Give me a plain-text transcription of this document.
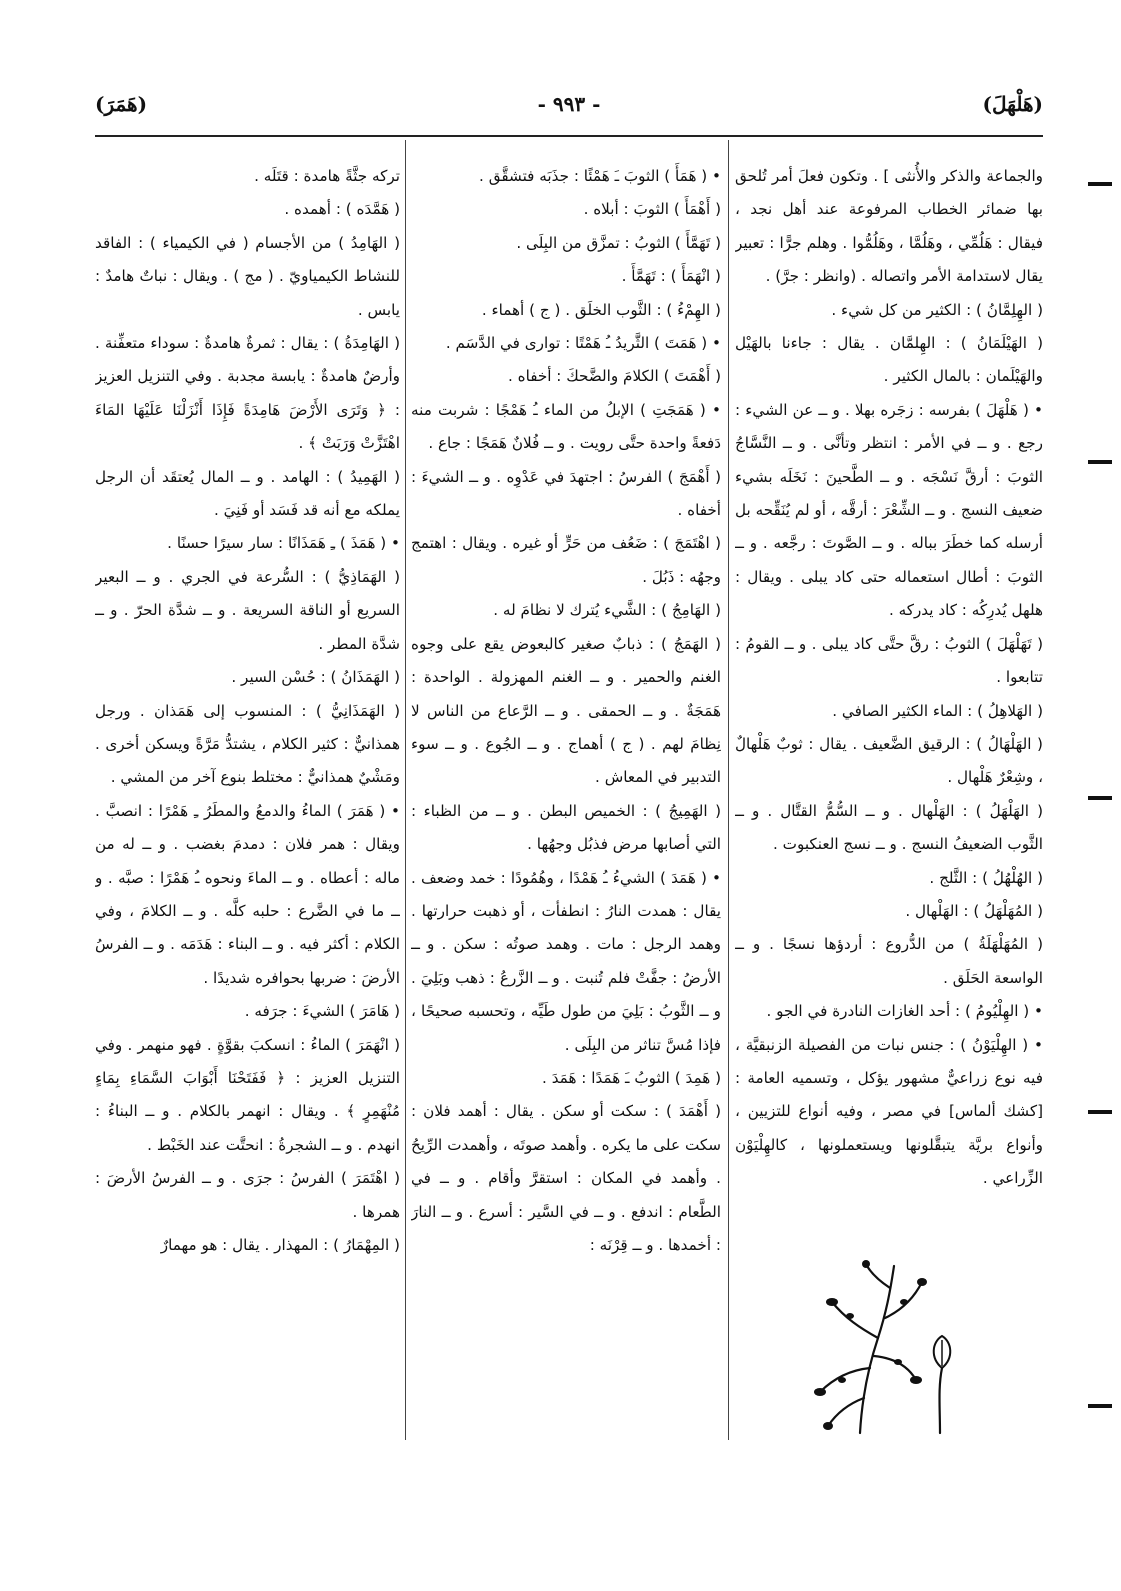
(هَلْهَلَ)
- ٩٩٣ -
(هَمَرَ)

والجماعة والذكر والأُنثى ] . وتكون فعلَ أمر تُلحق بها ضمائر الخطاب المرفوعة عند أهل نجد ، فيقال : هَلُمِّي ، وهَلُمَّا ، وهَلُمُّوا . وهلم جرًّا : تعبير يقال لاستدامة الأمر واتصاله . (وانظر : جرَّ) .

( الهِلِمَّانُ ) : الكثير من كل شيء .

( الهَيْلَمَانُ ) : الهِلمَّان . يقال : جاءنا بالهَيْل والهَيْلَمان : بالمال الكثير .

• ( هَلْهَلَ ) بفرسه : زجَره بهلا . و ــ عن الشيء : رجع . و ــ في الأمر : انتظر وتأنَّى . و ــ النَّسَّاجُ الثوبَ : أرقَّ نَسْجَه . و ــ الطَّحينَ : نَخَلَه بشيء ضعيف النسج . و ــ الشِّعْرَ : أرقَّه ، أو لم يُنَقِّحه بل أرسله كما خطَرَ بباله . و ــ الصَّوتَ : رجَّعه . و ــ الثوبَ : أطال استعماله حتى كاد يبلى . ويقال : هلهل يُدرِكُه : كاد يدركه .

( تَهَلْهَلَ ) الثوبُ : رقَّ حتَّى كاد يبلى . و ــ القومُ : تتابعوا .

( الهَلاهِلُ ) : الماء الكثير الصافي .

( الهَلْهَالُ ) : الرقيق الضَّعيف . يقال : ثوبٌ هَلْهالٌ ، وشِعْرٌ هَلْهال .

( الهَلْهَلُ ) : الهَلْهال . و ــ السُّمُّ القتَّال . و ــ الثَّوب الضعيفُ النسج . و ــ نسج العنكبوت .

( الهُلْهُلُ ) : الثَّلج .

( المُهَلْهَلُ ) : الهَلْهال .

( المُهَلْهَلَةُ ) من الدُّروع : أردؤها نسجًا . و ــ الواسعة الحَلَق .

• ( الهِلْيُومُ ) : أحد الغازات النادرة في الجو .

• ( الهِلْيَوْنُ ) : جنس نبات من الفصيلة الزنبقيَّة ، فيه نوع زراعيٌّ مشهور يؤكل ، وتسميه العامة : [كشك ألماس] في مصر ، وفيه أنواع للتزيين ، وأنواع بريَّة يتبقَّلونها ويستعملونها ، كالهِلْيَوْن الزِّراعي .

• ( هَمَأَ ) الثوبَ ـَ هَمْئًا : جذَبَه فتشقَّق .

( أَهْمَأَ ) الثوبَ : أبلاه .

( تَهَمَّأَ ) الثوبُ : تمزَّق من البِلَى .

( انْهَمَأَ ) : تَهَمَّأَ .

( الهِمْءُ ) : الثَّوب الخلَق . ( ج ) أهماء .

• ( هَمَتَ ) الثَّريدُ ـُ هَمْتًا : توارى في الدَّسَم .

( أَهْمَتَ ) الكلامَ والضَّحكَ : أخفاه .

• ( هَمَجَتِ ) الإبلُ من الماء ـُ هَمْجًا : شربت منه دَفعةً واحدة حتَّى رويت . و ــ فُلانٌ هَمَجًا : جاع .

( أَهْمَجَ ) الفرسُ : اجتهدَ في عَدْوِه . و ــ الشيءَ : أخفاه .

( اهْتَمَجَ ) : ضَعُف من حَرٍّ أو غيره . ويقال : اهتمج وجهُه : ذَبُلَ .

( الهَامِجُ ) : الشَّيء يُترك لا نظامَ له .

( الهَمَجُ ) : ذبابٌ صغير كالبعوض يقع على وجوه الغنم والحمير . و ــ الغنم المهزولة . الواحدة : هَمَجَةٌ . و ــ الحمقى . و ــ الرَّعاع من الناس لا نِظامَ لهم . ( ج ) أهماج . و ــ الجُوع . و ــ سوء التدبير في المعاش .

( الهَمِيجُ ) : الخميص البطن . و ــ من الظباء : التي أصابها مرض فذبُل وجهُها .

• ( هَمَدَ ) الشيءُ ـُ هَمْدًا ، وهُمُودًا : خمد وضعف . يقال : همدت النارُ : انطفأت ، أو ذهبت حرارتها . وهمد الرجل : مات . وهمد صوتُه : سكن . و ــ الأرضُ : جفَّتْ فلم تُنبت . و ــ الزَّرعُ : ذهب وبَلِيَ . و ــ الثَّوبُ : بَلِيَ من طول طَيِّه ، وتحسبه صحيحًا ، فإذا مُسَّ تناثر من البِلَى .

( هَمِدَ ) الثوبُ ـَ هَمَدًا : هَمَدَ .

( أَهْمَدَ ) : سكت أو سكن . يقال : أهمد فلان : سكت على ما يكره . وأهمد صوتَه ، وأهمدت الرِّيحُ . وأهمد في المكان : استقرَّ وأقام . و ــ في الطَّعام : اندفع . و ــ في السَّير : أسرع . و ــ النارَ : أخمدها . و ــ قِرْنَه :

تركه جثَّةً هامدة : قتَلَه .

( هَمَّدَه ) : أهمده .

( الهَامِدُ ) من الأجسام ( في الكيمياء ) : الفاقد للنشاط الكيمياويّ . ( مج ) . ويقال : نباتٌ هامدٌ : يابس .

( الهَامِدَةُ ) : يقال : ثمرةٌ هامدةٌ : سوداء متعفِّنة . وأرضٌ هامدةٌ : يابسة مجدبة . وفي التنزيل العزيز : ﴿ وَتَرَى الأَرْضَ هَامِدَةً فَإِذَا أَنْزَلْنَا عَلَيْهَا المَاءَ اهْتَزَّتْ وَرَبَتْ ﴾ .

( الهَمِيدُ ) : الهامد . و ــ المال يُعتقَد أن الرجل يملكه مع أنه قد فَسَد أو فَنِيَ .

• ( هَمَذَ ) ـِ هَمَذَانًا : سار سيرًا حسنًا .

( الهَمَاذِيُّ ) : السُّرعة في الجري . و ــ البعير السريع أو الناقة السريعة . و ــ شدَّة الحرّ . و ــ شدَّة المطر .

( الهَمَذَانُ ) : حُسْن السير .

( الهَمَذَانِيُّ ) : المنسوب إلى هَمَذان . ورجل همذانيٌّ : كثير الكلام ، يشتدُّ مَرَّةً ويسكن أخرى . ومَشْيٌ همذانيٌّ : مختلط بنوع آخر من المشي .

• ( هَمَرَ ) الماءُ والدمعُ والمطَرُ ـِ هَمْرًا : انصبَّ . ويقال : همر فلان : دمدمَ بغضب . و ــ له من ماله : أعطاه . و ــ الماءَ ونحوه ـُ هَمْرًا : صبَّه . و ــ ما في الضَّرع : حلبه كلَّه . و ــ الكلامَ ، وفي الكلام : أكثر فيه . و ــ البناء : هَدَمَه . و ــ الفرسُ الأرضَ : ضربها بحوافره شديدًا .

( هَامَرَ ) الشيءَ : جرَفه .

( انْهَمَرَ ) الماءُ : انسكبَ بقوَّةٍ . فهو منهمر . وفي التنزيل العزيز : ﴿ فَفَتَحْنَا أَبْوَابَ السَّمَاءِ بِمَاءٍ مُنْهَمِرٍ ﴾ . ويقال : انهمر بالكلام . و ــ البناءُ : انهدم . و ــ الشجرةُ : انحتَّت عند الخَبْط .

( اهْتَمَرَ ) الفرسُ : جرَى . و ــ الفرسُ الأرضَ : همرها .

( المِهْمَارُ ) : المهذار . يقال : هو مهمارٌ
